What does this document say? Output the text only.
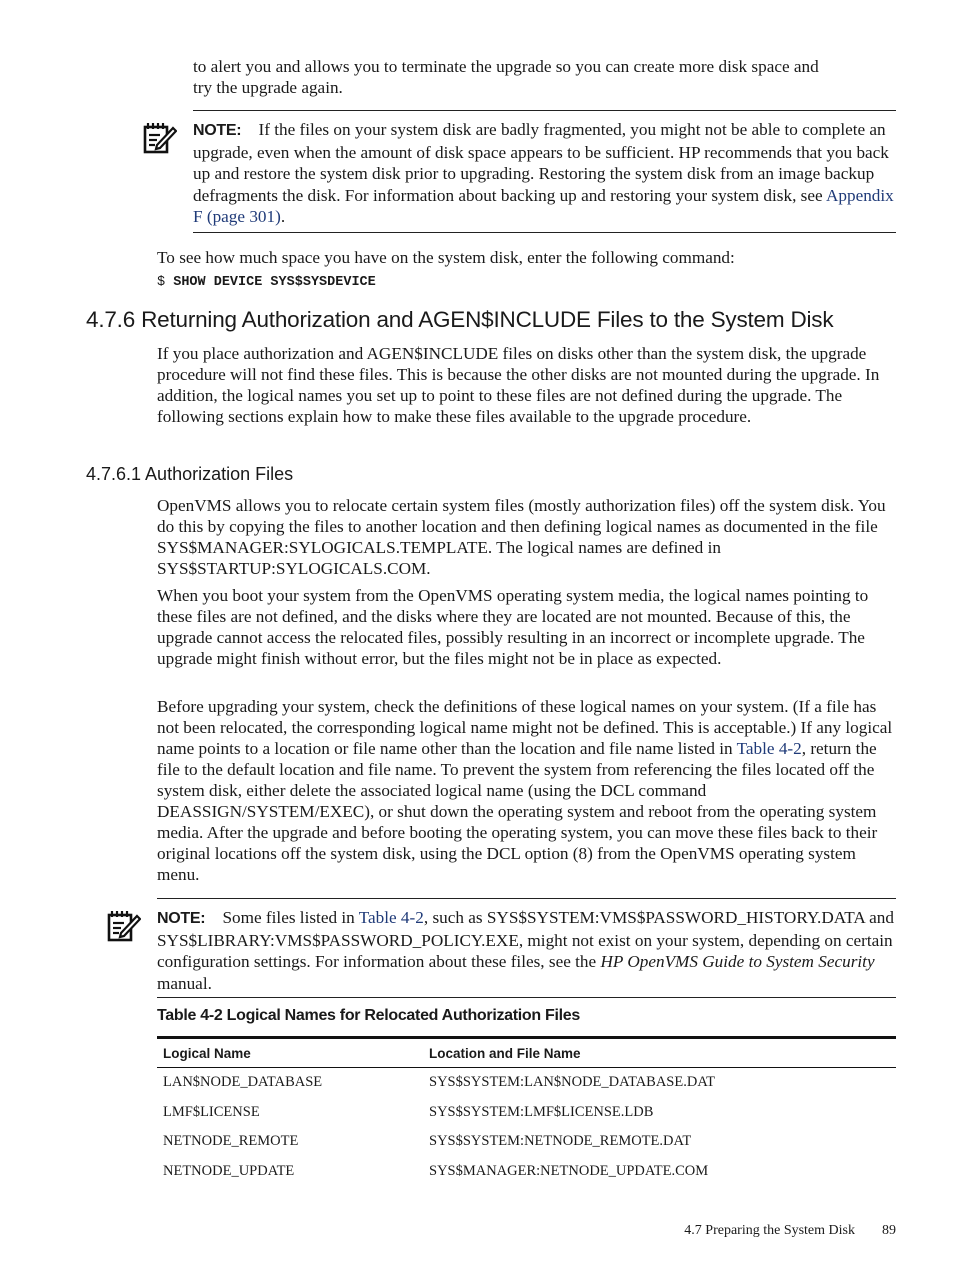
to alert you and allows you to terminate the upgrade so you can create more disk space and
try the upgrade again.

NOTE: If the files on your system disk are badly fragmented, you might not be able to complete an upgrade, even when the amount of disk space appears to be sufficient. HP recommends that you back up and restore the system disk prior to upgrading. Restoring the system disk from an image backup defragments the disk. For information about backing up and restoring your system disk, see Appendix F (page 301).

To see how much space you have on the system disk, enter the following command:

$ SHOW DEVICE SYS$SYSDEVICE
4.7.6 Returning Authorization and AGEN$INCLUDE Files to the System Disk

If you place authorization and AGEN$INCLUDE files on disks other than the system disk, the upgrade procedure will not find these files. This is because the other disks are not mounted during the upgrade. In addition, the logical names you set up to point to these files are not defined during the upgrade. The following sections explain how to make these files available to the upgrade procedure.

4.7.6.1 Authorization Files

OpenVMS allows you to relocate certain system files (mostly authorization files) off the system disk. You do this by copying the files to another location and then defining logical names as documented in the file SYS$MANAGER:SYLOGICALS.TEMPLATE. The logical names are defined in SYS$STARTUP:SYLOGICALS.COM.

When you boot your system from the OpenVMS operating system media, the logical names pointing to these files are not defined, and the disks where they are located are not mounted. Because of this, the upgrade cannot access the relocated files, possibly resulting in an incorrect or incomplete upgrade. The upgrade might finish without error, but the files might not be in place as expected.

Before upgrading your system, check the definitions of these logical names on your system. (If a file has not been relocated, the corresponding logical name might not be defined. This is acceptable.) If any logical name points to a location or file name other than the location and file name listed in Table 4-2, return the file to the default location and file name. To prevent the system from referencing the files located off the system disk, either delete the associated logical name (using the DCL command DEASSIGN/SYSTEM/EXEC), or shut down the operating system and reboot from the operating system media. After the upgrade and before booting the operating system, you can move these files back to their original locations off the system disk, using the DCL option (8) from the OpenVMS operating system menu.

NOTE: Some files listed in Table 4-2, such as SYS$SYSTEM:VMS$PASSWORD_HISTORY.DATA and SYS$LIBRARY:VMS$PASSWORD_POLICY.EXE, might not exist on your system, depending on certain configuration settings. For information about these files, see the HP OpenVMS Guide to System Security manual.

Table 4-2 Logical Names for Relocated Authorization Files
Logical Name	Location and File Name

LAN$NODE_DATABASE	SYS$SYSTEM:LAN$NODE_DATABASE.DAT
LMF$LICENSE	SYS$SYSTEM:LMF$LICENSE.LDB
NETNODE_REMOTE	SYS$SYSTEM:NETNODE_REMOTE.DAT
NETNODE_UPDATE	SYS$MANAGER:NETNODE_UPDATE.COM
4.7 Preparing the System Disk 89
